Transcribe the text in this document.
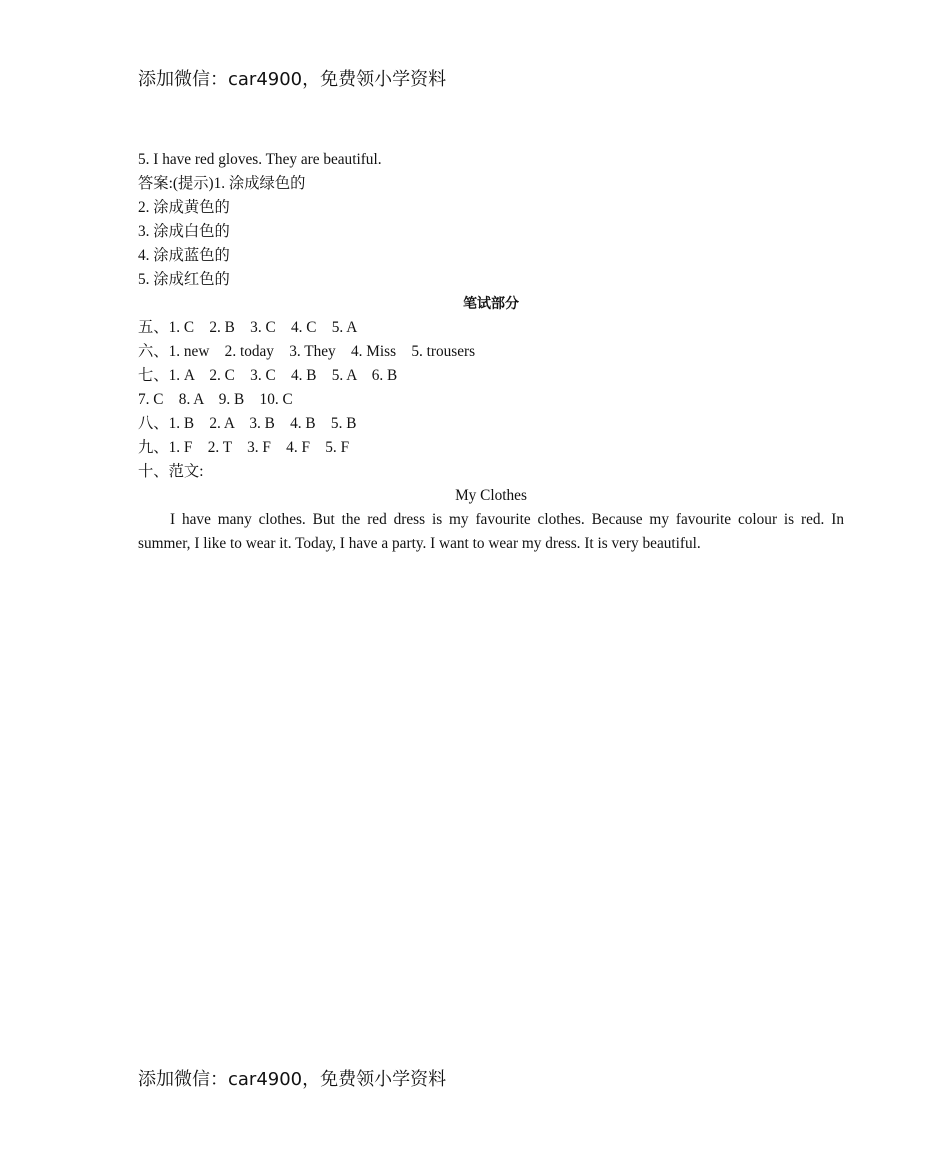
添加微信：car4900，免费领小学资料

5. I have red gloves. They are beautiful.

答案:(提示)1. 涂成绿色的

2. 涂成黄色的

3. 涂成白色的

4. 涂成蓝色的

5. 涂成红色的

笔试部分

五、1. C　2. B　3. C　4. C　5. A

六、1. new　2. today　3. They　4. Miss　5. trousers

七、1. A　2. C　3. C　4. B　5. A　6. B

7. C　8. A　9. B　10. C

八、1. B　2. A　3. B　4. B　5. B

九、1. F　2. T　3. F　4. F　5. F

十、范文:

My Clothes

I have many clothes. But the red dress is my favourite clothes. Because my favourite colour is red. In summer, I like to wear it. Today, I have a party. I want to wear my dress. It is very beautiful.

添加微信：car4900，免费领小学资料
